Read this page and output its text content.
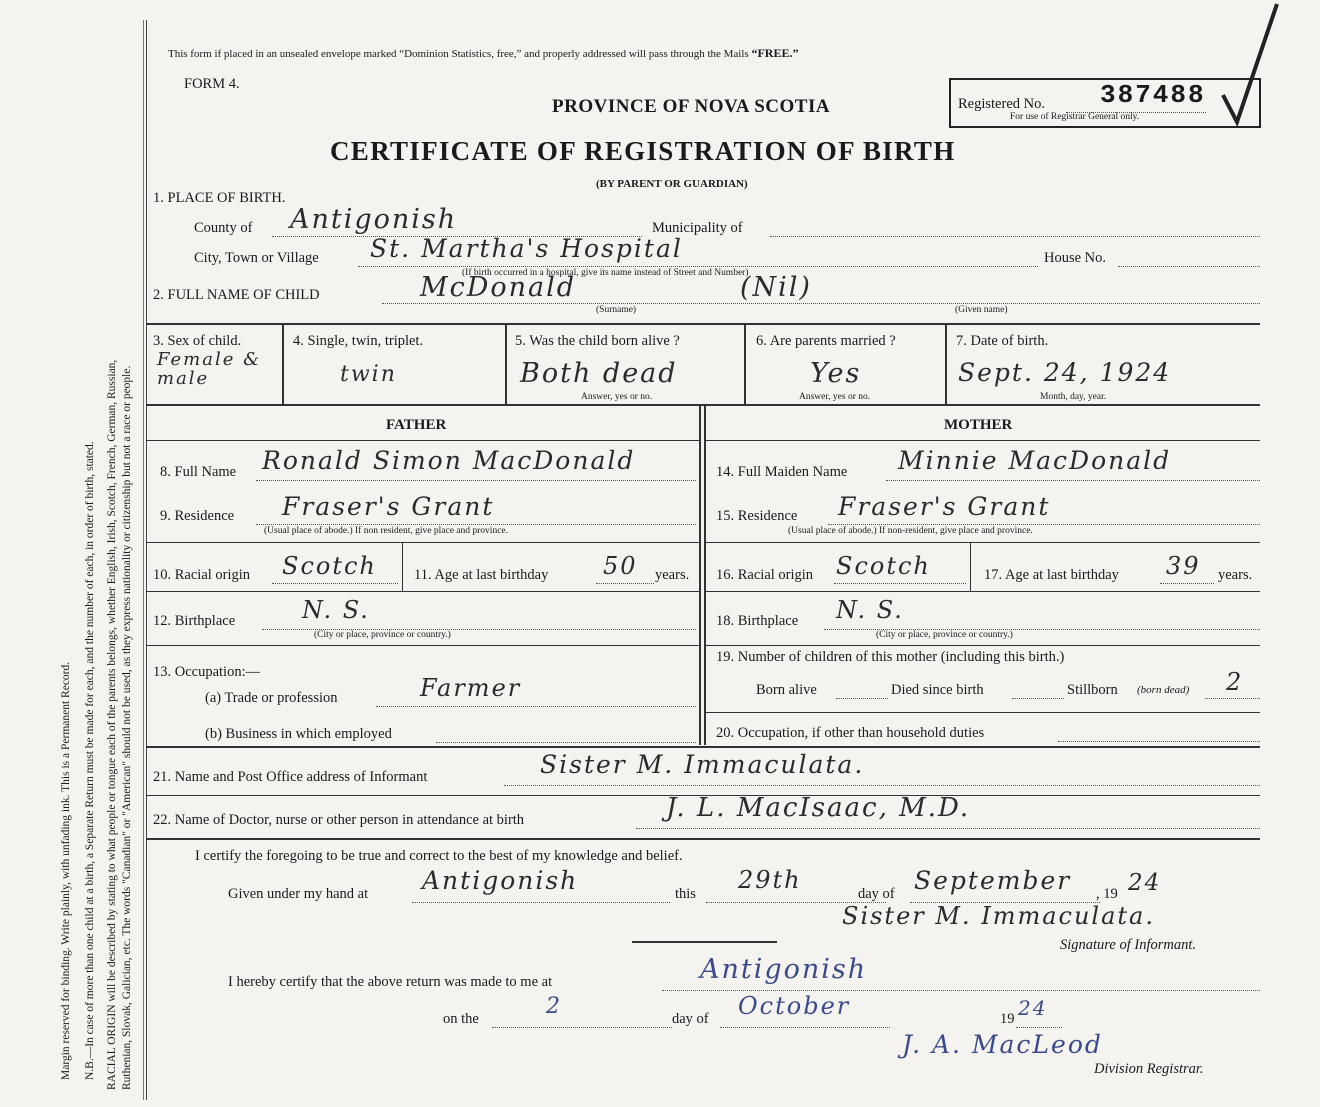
Margin reserved for binding. Write plainly, with unfading ink. This is a Permanent Record. N.B.—In case of more than one child at a birth, a Separate Return must be made for each, and the number of each, in order of birth, stated. RACIAL ORIGIN will be described by stating to what people or tongue each of the parents belongs, whether English, Irish, Scotch, French, German, Russian, Ruthenian, Slovak, Galician, etc. The words "Canadian" or "American" should not be used, as they express nationality or citizenship but not a race or people.
This form if placed in an unsealed envelope marked “Dominion Statistics, free,” and properly addressed will pass through the Mails “FREE.”
FORM 4.
PROVINCE OF NOVA SCOTIA	Registered No. 387488
For use of Registrar General only.
CERTIFICATE OF REGISTRATION OF BIRTH
(BY PARENT OR GUARDIAN)
1. PLACE OF BIRTH.
County of Antigonish	Municipality of
City, Town or Village St. Martha's Hospital
(If birth occurred in a hospital, give its name instead of Street and Number)
House No.
2. FULL NAME OF CHILD	McDonald	(Nil)
(Surname)	(Given name)
3. Sex of child.
Female & male
4. Single, twin, triplet.
twin
5. Was the child born alive ?
Both dead
Answer, yes or no.
6. Are parents married ?
Yes
Answer, yes or no.
7. Date of birth.
Sept. 24, 1924
Month, day, year.
FATHER	MOTHER
8. Full Name Ronald Simon MacDonald	14. Full Maiden Name Minnie MacDonald
9. Residence Fraser's Grant
(Usual place of abode.) If non resident, give place and province.
15. Residence Fraser's Grant
(Usual place of abode.) If non-resident, give place and province.
10. Racial origin Scotch	11. Age at last birthday 50 years. 16. Racial origin Scotch	17. Age at last birthday 39 years.
12. Birthplace	N. S.
(City or place, province or country.)
18. Birthplace N. S.
(City or place, province or country.)
13. Occupation:—
(a) Trade or profession	Farmer
(b) Business in which employed
19. Number of children of this mother (including this birth.)
Born alive	Died since birth	Stillborn (born dead) 2
20. Occupation, if other than household duties
21. Name and Post Office address of Informant	Sister M. Immaculata.
22. Name of Doctor, nurse or other person in attendance at birth	J. L. MacIsaac, M.D.
I certify the foregoing to be true and correct to the best of my knowledge and belief.
Given under my hand at Antigonish	this 29th	day of September , 19 24
Sister M. Immaculata.
Signature of Informant.
I hereby certify that the above return was made to me at	Antigonish
on the	2	day of October	19 24
J. A. MacLeod
Division Registrar.
